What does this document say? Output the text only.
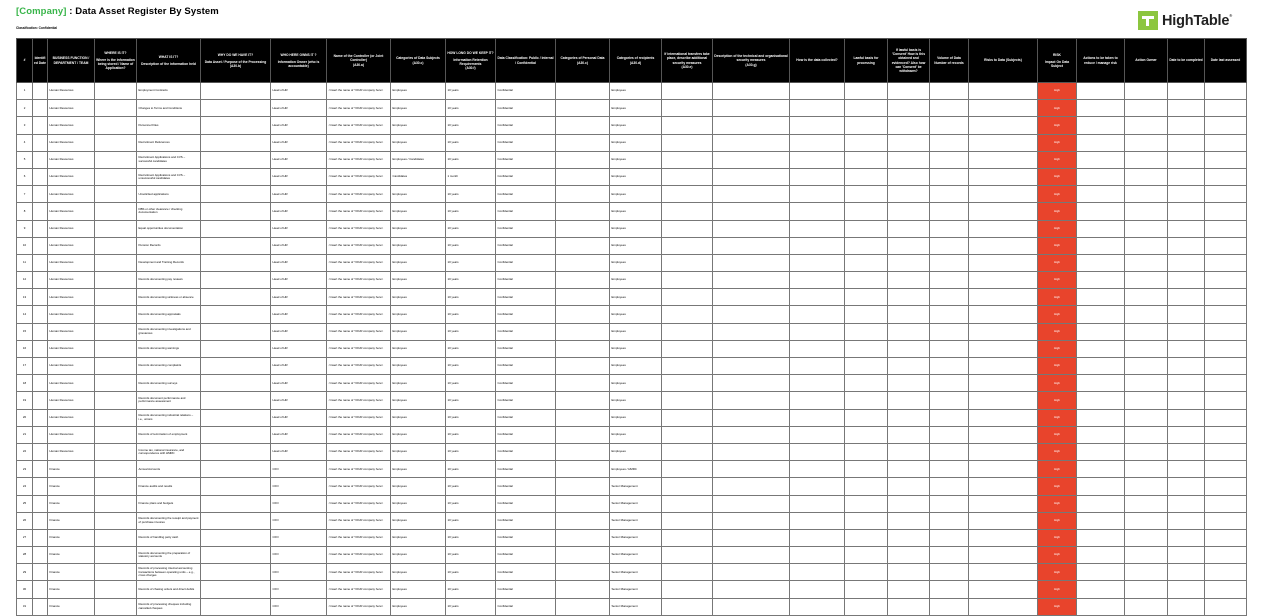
[Company] : Data Asset Register By System
Classification: Confidential	HighTable®
#	Identifi ed Date	BUSINESS FUNCTION / DEPARTMENT / TEAM	WHERE IS IT?
Where is the information being stored / Name of Application?	WHAT IS IT?
Description of the information held	WHY DO WE HAVE IT?
Data Asset / Purpose of the Processing
(A30.b)	WHO HERE OWNS IT ?
Information Owner (who is accountable)	Name of the Controller (or Joint Controller)
(A30.a)	Categories of Data Subjects
(A30.c)	HOW LONG DO WE KEEP IT?
Information Retention Requirements
(A30.f)	Data Classification: Public / Internal / Confidential	Categories of Personal Data
(A30.c)	Categories of recipients
(A30.d)	If international transfers take place, describe additional security measures
(A30.e)	Description of the technical and organisational security measures
(A30.g)	How is the data collected?	Lawful basis for processing	If lawful basis is 'Consent' How is this obtained and evidenced? Also how can 'Consent' be withdrawn?	Volume of Data Number of records	Risks to Data (Subjects)	RISK
Impact On Data Subject	Actions to be taken to reduce / manage risk	Action Owner	Date to be completed	Date last assessed
1		Human Resources		Employment Contracts		Head of HR	<insert the name of YOUR company here>	Employees	10 years	Confidential		Employees								High				
2		Human Resources		Changes to Terms and Conditions		Head of HR	<insert the name of YOUR company here>	Employees	10 years	Confidential		Employees								High				
3		Human Resources		Personnel Files		Head of HR	<insert the name of YOUR company here>	Employees	10 years	Confidential		Employees								High				
4		Human Resources		Recruitment References		Head of HR	<insert the name of YOUR company here>	Employees	10 years	Confidential		Employees								High				
5		Human Resources		Recruitment Applications and CVS – successful candidates		Head of HR	<insert the name of YOUR company here>	Employees / Candidates	10 years	Confidential		Employees								High				
6		Human Resources		Recruitment Applications and CVS – unsuccessful candidates		Head of HR	<insert the name of YOUR company here>	Candidates	1 month	Confidential		Employees								High				
7		Human Resources		Unsolicited applications		Head of HR	<insert the name of YOUR company here>	Employees	10 years	Confidential		Employees								High				
8		Human Resources		DBS or other clearance / checking documentation		Head of HR	<insert the name of YOUR company here>	Employees	10 years	Confidential		Employees								High				
9		Human Resources		Equal opportunities documentation		Head of HR	<insert the name of YOUR company here>	Employees	10 years	Confidential		Employees								High				
10		Human Resources		Pension Records		Head of HR	<insert the name of YOUR company here>	Employees	10 years	Confidential		Employees								High				
11		Human Resources		Development and Training Records		Head of HR	<insert the name of YOUR company here>	Employees	10 years	Confidential		Employees								High				
12		Human Resources		Records documenting pay reviews		Head of HR	<insert the name of YOUR company here>	Employees	10 years	Confidential		Employees								High				
13		Human Resources		Records documenting sickness or absence		Head of HR	<insert the name of YOUR company here>	Employees	10 years	Confidential		Employees								High				
14		Human Resources		Records documenting appraisals		Head of HR	<insert the name of YOUR company here>	Employees	10 years	Confidential		Employees								High				
15		Human Resources		Records documenting investigations and grievances		Head of HR	<insert the name of YOUR company here>	Employees	10 years	Confidential		Employees								High				
16		Human Resources		Records documenting warnings		Head of HR	<insert the name of YOUR company here>	Employees	10 years	Confidential		Employees								High				
17		Human Resources		Records documenting complaints		Head of HR	<insert the name of YOUR company here>	Employees	10 years	Confidential		Employees								High				
18		Human Resources		Records documenting surveys		Head of HR	<insert the name of YOUR company here>	Employees	10 years	Confidential		Employees								High				
19		Human Resources		Records document performance and performance assessment		Head of HR	<insert the name of YOUR company here>	Employees	10 years	Confidential		Employees								High				
20		Human Resources		Records documenting industrial relations – i.e., unions		Head of HR	<insert the name of YOUR company here>	Employees	10 years	Confidential		Employees								High				
21		Human Resources		Records of termination of employment		Head of HR	<insert the name of YOUR company here>	Employees	10 years	Confidential		Employees								High				
22		Human Resources		Income tax, national insurance, and correspondence with HMRC		Head of HR	<insert the name of YOUR company here>	Employees	10 years	Confidential		Employees								High				
23		Finance		Annual Accounts		CFO	<insert the name of YOUR company here>	Employees	10 years	Confidential		Employees / HMRC								High				
24		Finance		Finance audits and results		CFO	<insert the name of YOUR company here>	Employees	10 years	Confidential		Senior Management								High				
25		Finance		Finance plans and budgets		CFO	<insert the name of YOUR company here>	Employees	10 years	Confidential		Senior Management								High				
26		Finance		Records documenting the receipt and payment of purchase invoices		CFO	<insert the name of YOUR company here>	Employees	10 years	Confidential		Senior Management								High				
27		Finance		Records of handling petty cash		CFO	<insert the name of YOUR company here>	Employees	10 years	Confidential		Senior Management								High				
28		Finance		Records documenting the preparation of statutory accounts		CFO	<insert the name of YOUR company here>	Employees	10 years	Confidential		Senior Management								High				
29		Finance		Records of processing internal accounting transactions between operating units – e.g., cross charges		CFO	<insert the name of YOUR company here>	Employees	10 years	Confidential		Senior Management								High				
30		Finance		Records of chasing orders and direct debits		CFO	<insert the name of YOUR company here>	Employees	10 years	Confidential		Senior Management								High				
31		Finance		Records of processing cheques including cancelled cheques		CFO	<insert the name of YOUR company here>	Employees	10 years	Confidential		Senior Management								High				
